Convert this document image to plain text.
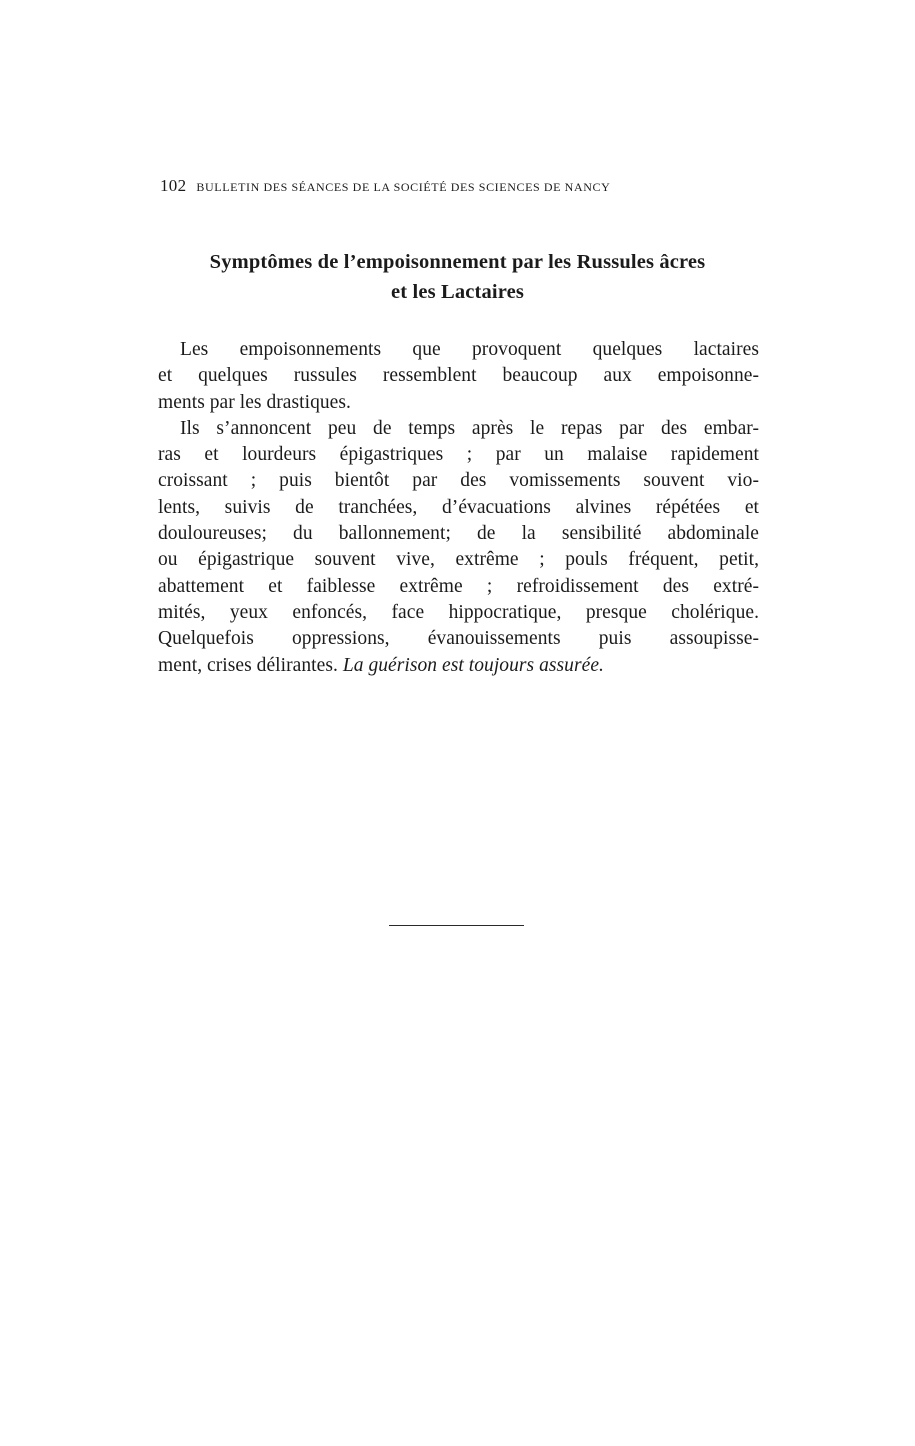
102 BULLETIN DES SÉANCES DE LA SOCIÉTÉ DES SCIENCES DE NANCY
Symptômes de l’empoisonnement par les Russules âcres
et les Lactaires
Les empoisonnements que provoquent quelques lactaires
et quelques russules ressemblent beaucoup aux empoisonne-
ments par les drastiques.
Ils s’annoncent peu de temps après le repas par des embar-
ras et lourdeurs épigastriques ; par un malaise rapidement
croissant ; puis bientôt par des vomissements souvent vio-
lents, suivis de tranchées, d’évacuations alvines répétées et
douloureuses; du ballonnement; de la sensibilité abdominale
ou épigastrique souvent vive, extrême ; pouls fréquent, petit,
abattement et faiblesse extrême ; refroidissement des extré-
mités, yeux enfoncés, face hippocratique, presque cholérique.
Quelquefois oppressions, évanouissements puis assoupisse-
ment, crises délirantes. La guérison est toujours assurée.
